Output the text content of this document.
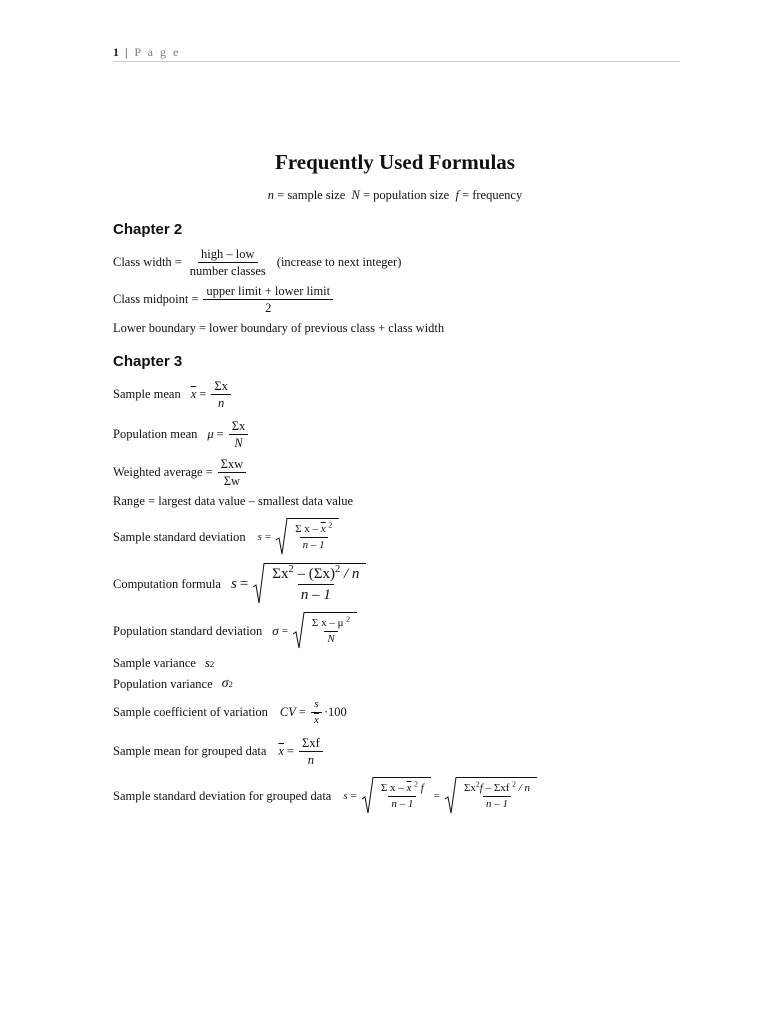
1 | P a g e
Frequently Used Formulas
n = sample size N = population size f = frequency
Chapter 2
Class width = $\frac{\text{high – low}}{\text{number classes}}$ (increase to next integer)
Class midpoint = $\frac{\text{upper limit + lower limit}}{2}$
Lower boundary = lower boundary of previous class + class width
Chapter 3
Sample mean $\overline{x} = \frac{\Sigma x}{n}$
Population mean $\mu = \frac{\Sigma x}{N}$
Weighted average = $\frac{\text{Σxw}}{\Sigma w}$
Range = largest data value – smallest data value
Sample standard deviation $s = \frac{\Sigma x - \overline{x} ^2}{n - 1}$
Computation formula $s = \frac{\Sigma x^2 - (\Sigma x)^2 / n}{n - 1}$
Population standard deviation $\sigma = \frac{\Sigma x - \mu ^2}{N}$
Sample variance s 2
Population variance σ 2
Sample coefficient of variation CV = $\frac{s}{x} \cdot 100$
Sample mean for grouped data $\overline{x} = \frac{\text{Σxf}}{n}$
Sample standard deviation for grouped data $s = \frac{\Sigma x - \overline{x} ^2 f}{n - 1} = \frac{\Sigma x^2f - \Sigma xf ^2 / n}{n - 1}$
